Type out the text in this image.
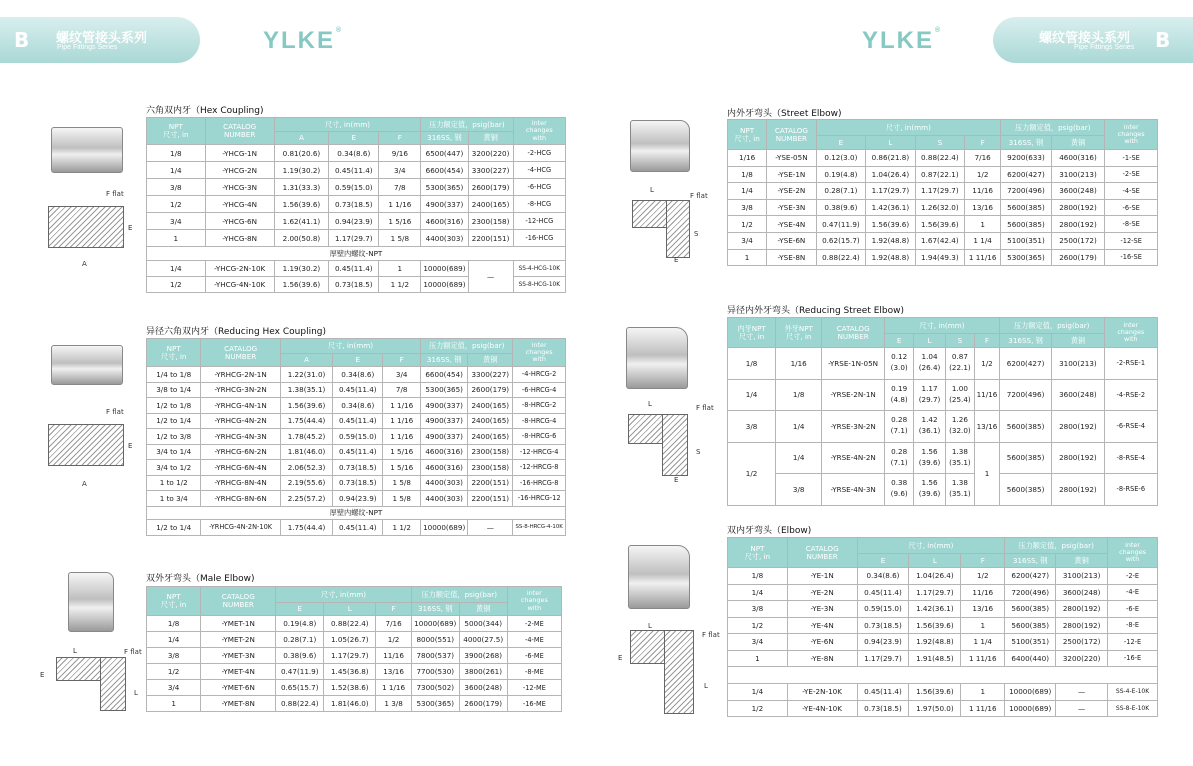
B 螺纹管接头系列
Pipe Fittings Series	YLKE®	YLKE®
螺纹管接头系列
Pipe Fittings Series B
六角双内牙（Hex Coupling)
F flat
E
A
NPT
尺寸, in	CATALOG
NUMBER	尺寸, in(mm)			压力额定值，psig(bar)		inter
changes
with
		A	E	F	316SS, 钢	黄铜	
1/8	-YHCG-1N	0.81(20.6)	0.34(8.6)	9/16	6500(447)	3200(220)	-2-HCG
1/4	-YHCG-2N	1.19(30.2)	0.45(11.4)	3/4	6600(454)	3300(227)	-4-HCG
3/8	-YHCG-3N	1.31(33.3)	0.59(15.0)	7/8	5300(365)	2600(179)	-6-HCG
1/2	-YHCG-4N	1.56(39.6)	0.73(18.5)	1 1/16	4900(337)	2400(165)	-8-HCG
3/4	-YHCG-6N	1.62(41.1)	0.94(23.9)	1 5/16	4600(316)	2300(158)	-12-HCG
1	-YHCG-8N	2.00(50.8)	1.17(29.7)	1 5/8	4400(303)	2200(151)	-16-HCG
厚壁内螺纹-NPT							
1/4	-YHCG-2N-10K	1.19(30.2)	0.45(11.4)	1	10000(689)	—	SS-4-HCG-10K
1/2	-YHCG-4N-10K	1.56(39.6)	0.73(18.5)	1 1/2	10000(689)		SS-8-HCG-10K
异径六角双内牙（Reducing Hex Coupling)
F flat
E
A
NPT
尺寸, in	CATALOG
NUMBER	尺寸, in(mm)			压力额定值，psig(bar)		inter
changes
with
		A	E	F	316SS, 钢	黄铜	
1/4 to 1/8	-YRHCG-2N-1N	1.22(31.0)	0.34(8.6)	3/4	6600(454)	3300(227)	-4-HRCG-2
3/8 to 1/4	-YRHCG-3N-2N	1.38(35.1)	0.45(11.4)	7/8	5300(365)	2600(179)	-6-HRCG-4
1/2 to 1/8	-YRHCG-4N-1N	1.56(39.6)	0.34(8.6)	1 1/16	4900(337)	2400(165)	-8-HRCG-2
1/2 to 1/4	-YRHCG-4N-2N	1.75(44.4)	0.45(11.4)	1 1/16	4900(337)	2400(165)	-8-HRCG-4
1/2 to 3/8	-YRHCG-4N-3N	1.78(45.2)	0.59(15.0)	1 1/16	4900(337)	2400(165)	-8-HRCG-6
3/4 to 1/4	-YRHCG-6N-2N	1.81(46.0)	0.45(11.4)	1 5/16	4600(316)	2300(158)	-12-HRCG-4
3/4 to 1/2	-YRHCG-6N-4N	2.06(52.3)	0.73(18.5)	1 5/16	4600(316)	2300(158)	-12-HRCG-8
1 to 1/2	-YRHCG-8N-4N	2.19(55.6)	0.73(18.5)	1 5/8	4400(303)	2200(151)	-16-HRCG-8
1 to 3/4	-YRHCG-8N-6N	2.25(57.2)	0.94(23.9)	1 5/8	4400(303)	2200(151)	-16-HRCG-12
厚壁内螺纹-NPT							
1/2 to 1/4	-YRHCG-4N-2N-10K	1.75(44.4)	0.45(11.4)	1 1/2	10000(689)	—	SS-8-HRCG-4-10K
双外牙弯头（Male Elbow)
F flat
L
E
L
NPT
尺寸, in	CATALOG
NUMBER	尺寸, in(mm)			压力额定值，psig(bar)		inter
changes
with
		E	L	F	316SS, 钢	黄铜	
1/8	-YMET-1N	0.19(4.8)	0.88(22.4)	7/16	10000(689)	5000(344)	-2-ME
1/4	-YMET-2N	0.28(7.1)	1.05(26.7)	1/2	8000(551)	4000(27.5)	-4-ME
3/8	-YMET-3N	0.38(9.6)	1.17(29.7)	11/16	7800(537)	3900(268)	-6-ME
1/2	-YMET-4N	0.47(11.9)	1.45(36.8)	13/16	7700(530)	3800(261)	-8-ME
3/4	-YMET-6N	0.65(15.7)	1.52(38.6)	1 1/16	7300(502)	3600(248)	-12-ME
1	-YMET-8N	0.88(22.4)	1.81(46.0)	1 3/8	5300(365)	2600(179)	-16-ME
内外牙弯头（Street Elbow)
F flat
L
S
E
NPT
尺寸, in	CATALOG
NUMBER	尺寸, in(mm)				压力额定值，psig(bar)		inter
changes
with
		E	L	S	F	316SS, 钢	黄铜	
1/16	-YSE-05N	0.12(3.0)	0.86(21.8)	0.88(22.4)	7/16	9200(633)	4600(316)	-1-SE
1/8	-YSE-1N	0.19(4.8)	1.04(26.4)	0.87(22.1)	1/2	6200(427)	3100(213)	-2-SE
1/4	-YSE-2N	0.28(7.1)	1.17(29.7)	1.17(29.7)	11/16	7200(496)	3600(248)	-4-SE
3/8	-YSE-3N	0.38(9.6)	1.42(36.1)	1.26(32.0)	13/16	5600(385)	2800(192)	-6-SE
1/2	-YSE-4N	0.47(11.9)	1.56(39.6)	1.56(39.6)	1	5600(385)	2800(192)	-8-SE
3/4	-YSE-6N	0.62(15.7)	1.92(48.8)	1.67(42.4)	1 1/4	5100(351)	2500(172)	-12-SE
1	-YSE-8N	0.88(22.4)	1.92(48.8)	1.94(49.3)	1 11/16	5300(365)	2600(179)	-16-SE
异径内外牙弯头（Reducing Street Elbow)
F flat
L
S
E
内牙NPT
尺寸, in	外牙NPT
尺寸, in	CATALOG
NUMBER	尺寸, in(mm)				压力额定值，psig(bar)		inter
changes
with
			E	L	S	F	316SS, 钢	黄铜	
1/8	1/16	-YRSE-1N-05N	0.12
(3.0)	1.04
(26.4)	0.87
(22.1)	1/2	6200(427)	3100(213)	-2-RSE-1
1/4	1/8	-YRSE-2N-1N	0.19
(4.8)	1.17
(29.7)	1.00
(25.4)	11/16	7200(496)	3600(248)	-4-RSE-2
3/8	1/4	-YRSE-3N-2N	0.28
(7.1)	1.42
(36.1)	1.26
(32.0)	13/16	5600(385)	2800(192)	-6-RSE-4
1/2	1/4	-YRSE-4N-2N	0.28
(7.1)	1.56
(39.6)	1.38
(35.1)	1	5600(385)	2800(192)	-8-RSE-4
	3/8	-YRSE-4N-3N	0.38
(9.6)	1.56
(39.6)	1.38
(35.1)		5600(385)	2800(192)	-8-RSE-6
双内牙弯头（Elbow)
F flat
E
L
L
NPT
尺寸, in	CATALOG
NUMBER	尺寸, in(mm)			压力额定值，psig(bar)		inter
changes
with
		E	L	F	316SS, 钢	黄铜	
1/8	-YE-1N	0.34(8.6)	1.04(26.4)	1/2	6200(427)	3100(213)	-2-E
1/4	-YE-2N	0.45(11.4)	1.17(29.7)	11/16	7200(496)	3600(248)	-4-E
3/8	-YE-3N	0.59(15.0)	1.42(36.1)	13/16	5600(385)	2800(192)	-6-E
1/2	-YE-4N	0.73(18.5)	1.56(39.6)	1	5600(385)	2800(192)	-8-E
3/4	-YE-6N	0.94(23.9)	1.92(48.8)	1 1/4	5100(351)	2500(172)	-12-E
1	-YE-8N	1.17(29.7)	1.91(48.5)	1 11/16	6400(440)	3200(220)	-16-E

1/4	-YE-2N-10K	0.45(11.4)	1.56(39.6)	1	10000(689)	—	SS-4-E-10K
1/2	-YE-4N-10K	0.73(18.5)	1.97(50.0)	1 11/16	10000(689)	—	SS-8-E-10K
